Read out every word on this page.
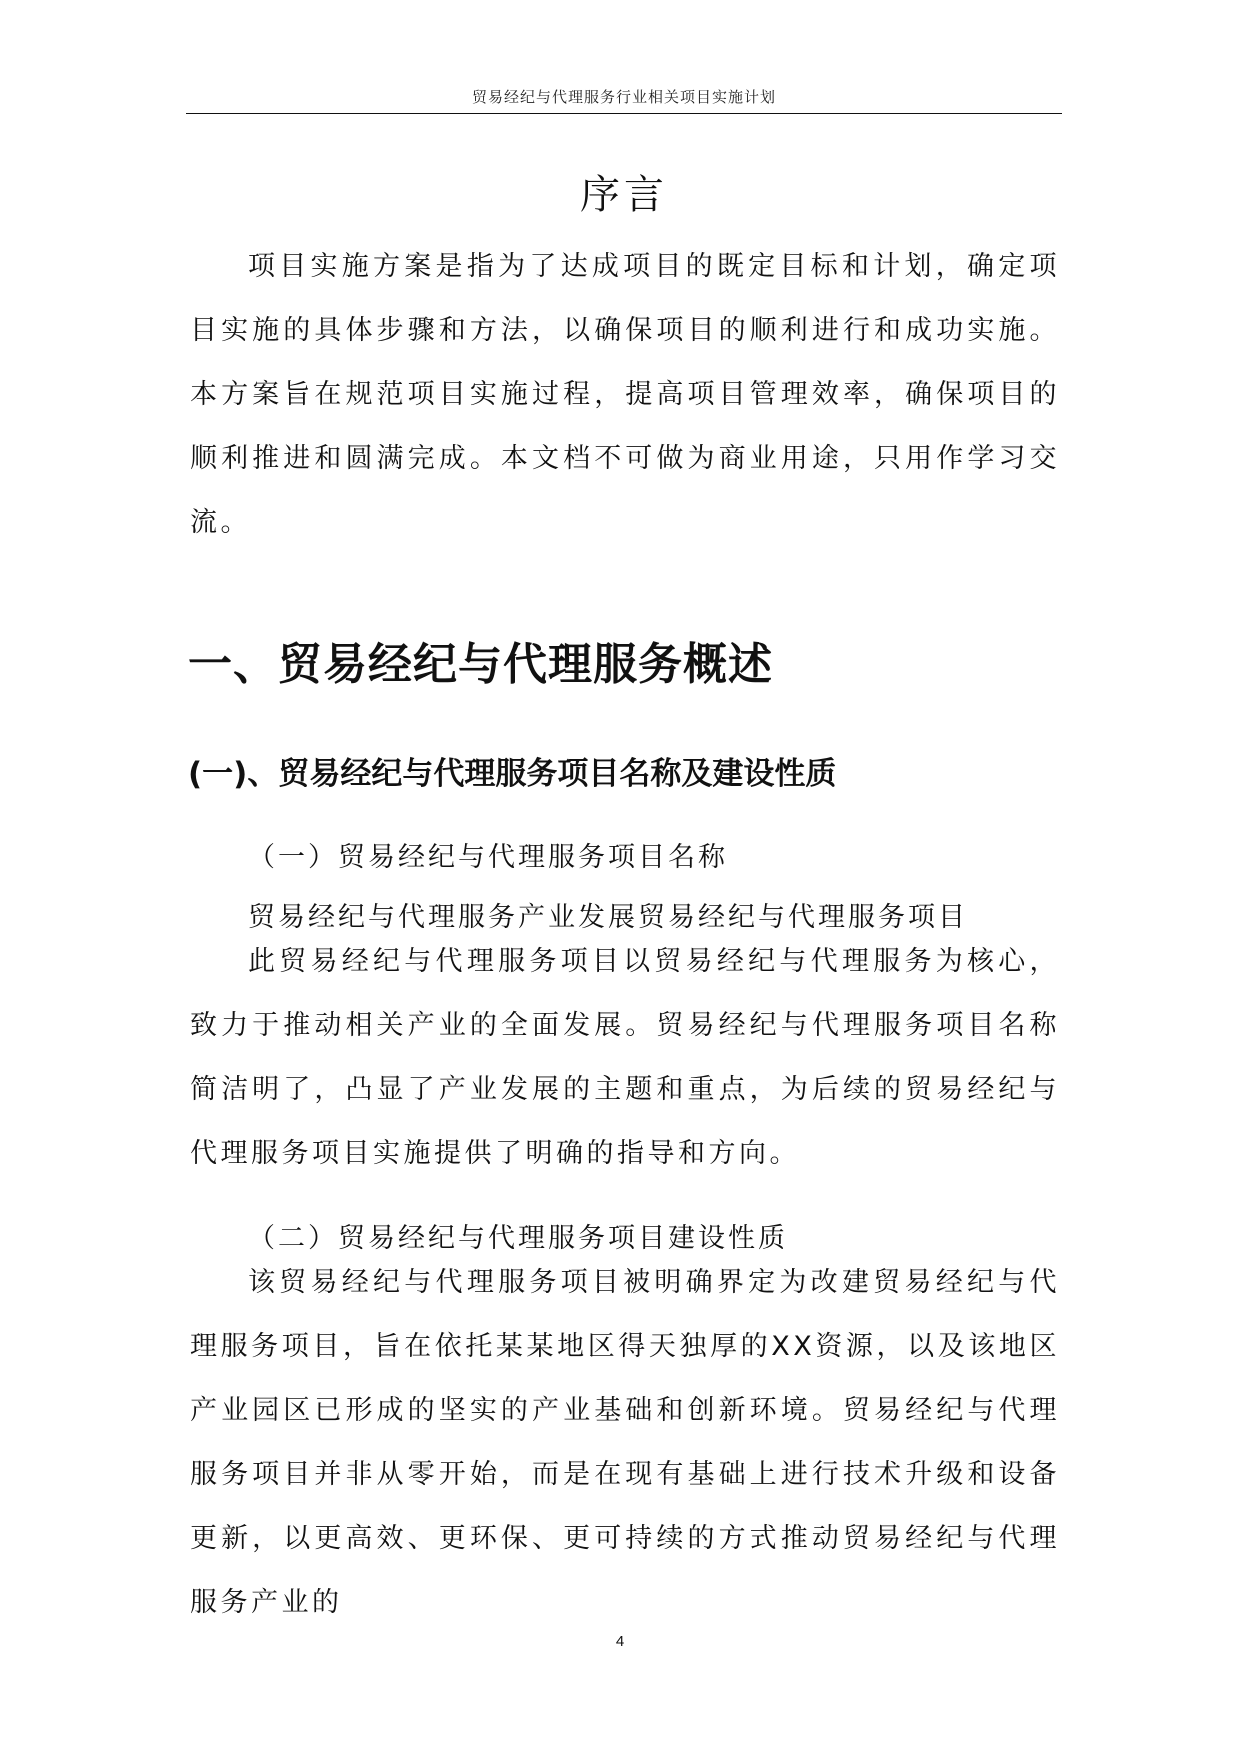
贸易经纪与代理服务行业相关项目实施计划
序言
项目实施方案是指为了达成项目的既定目标和计划，确定项目实施的具体步骤和方法，以确保项目的顺利进行和成功实施。本方案旨在规范项目实施过程，提高项目管理效率，确保项目的顺利推进和圆满完成。本文档不可做为商业用途，只用作学习交流。
一、贸易经纪与代理服务概述
(一)、贸易经纪与代理服务项目名称及建设性质
（一）贸易经纪与代理服务项目名称
贸易经纪与代理服务产业发展贸易经纪与代理服务项目
此贸易经纪与代理服务项目以贸易经纪与代理服务为核心，致力于推动相关产业的全面发展。贸易经纪与代理服务项目名称简洁明了，凸显了产业发展的主题和重点，为后续的贸易经纪与代理服务项目实施提供了明确的指导和方向。
（二）贸易经纪与代理服务项目建设性质
该贸易经纪与代理服务项目被明确界定为改建贸易经纪与代理服务项目，旨在依托某某地区得天独厚的XX资源，以及该地区产业园区已形成的坚实的产业基础和创新环境。贸易经纪与代理服务项目并非从零开始，而是在现有基础上进行技术升级和设备更新，以更高效、更环保、更可持续的方式推动贸易经纪与代理服务产业的
4
